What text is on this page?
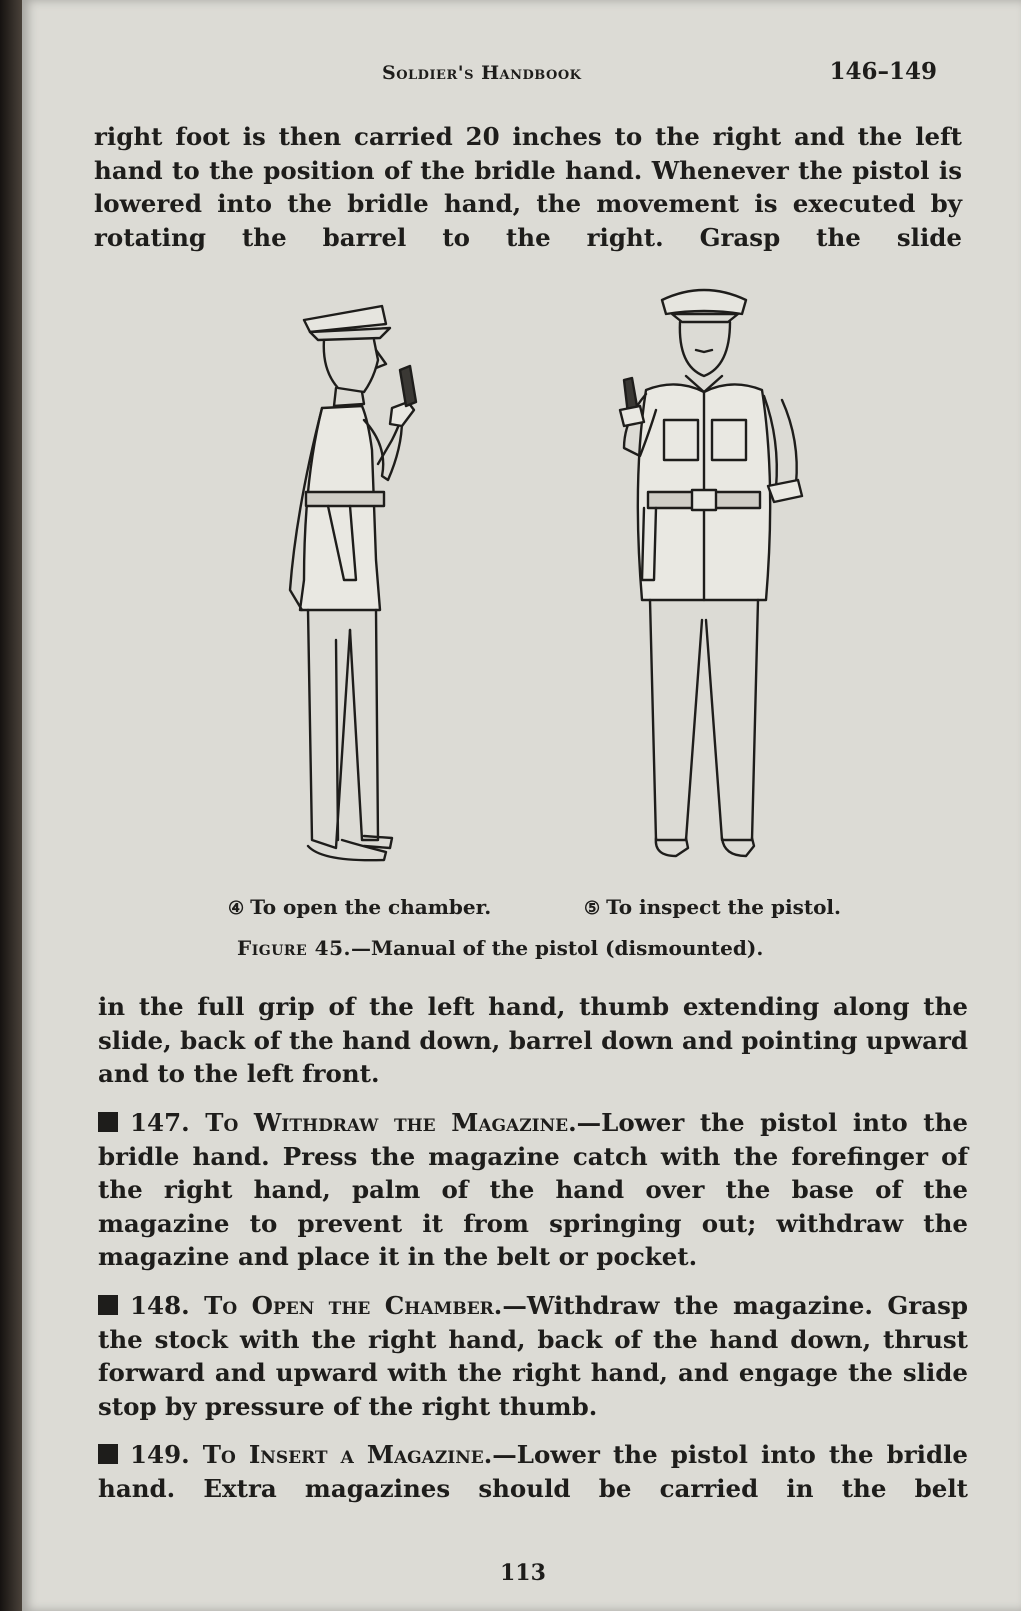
Soldier's Handbook	146–149

right foot is then carried 20 inches to the right and the left hand to the position of the bridle hand. Whenever the pistol is lowered into the bridle hand, the movement is executed by rotating the barrel to the right. Grasp the slide

④ To open the chamber.	⑤ To inspect the pistol.
Figure 45.—Manual of the pistol (dismounted).

in the full grip of the left hand, thumb extending along the slide, back of the hand down, barrel down and pointing upward and to the left front.

147. To Withdraw the Magazine.—Lower the pistol into the bridle hand. Press the magazine catch with the forefinger of the right hand, palm of the hand over the base of the magazine to prevent it from springing out; withdraw the magazine and place it in the belt or pocket.

148. To Open the Chamber.—Withdraw the magazine. Grasp the stock with the right hand, back of the hand down, thrust forward and upward with the right hand, and engage the slide stop by pressure of the right thumb.

149. To Insert a Magazine.—Lower the pistol into the bridle hand. Extra magazines should be carried in the belt

113
